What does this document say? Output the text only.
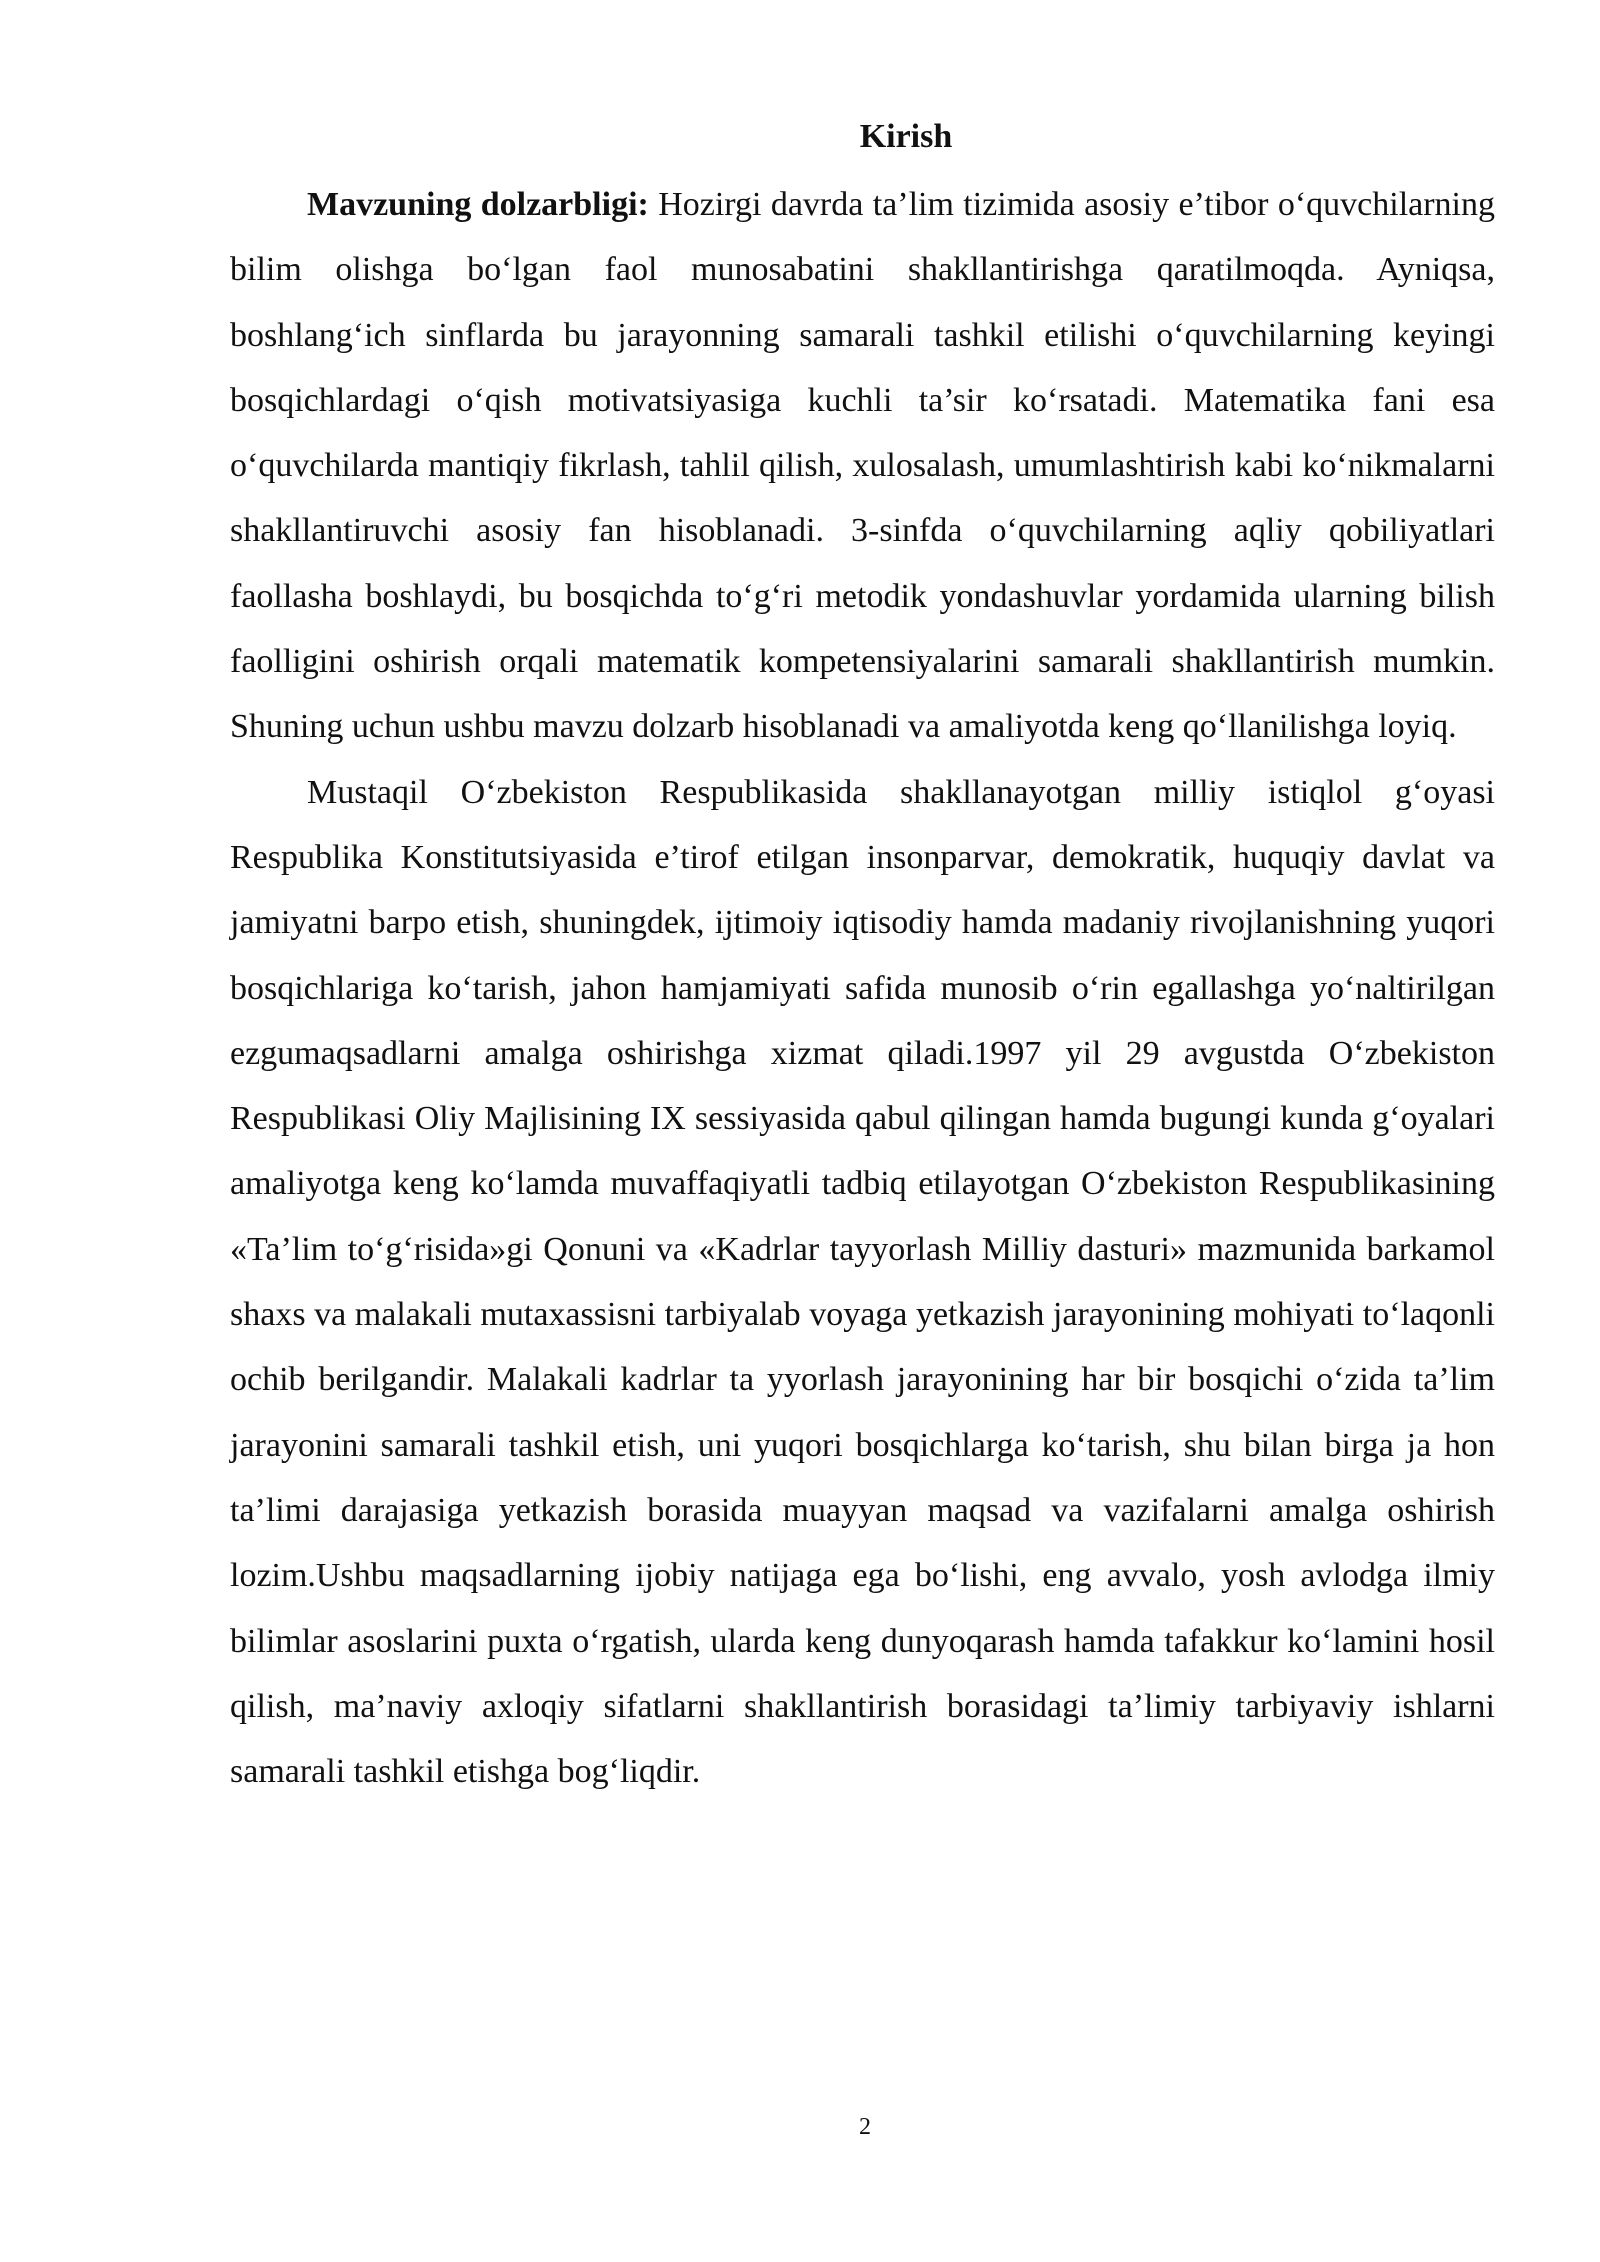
Kirish

Mavzuning dolzarbligi: Hozirgi davrda ta’lim tizimida asosiy e’tibor o‘quvchilarning bilim olishga bo‘lgan faol munosabatini shakllantirishga qaratilmoqda. Ayniqsa, boshlang‘ich sinflarda bu jarayonning samarali tashkil etilishi o‘quvchilarning keyingi bosqichlardagi o‘qish motivatsiyasiga kuchli ta’sir ko‘rsatadi. Matematika fani esa o‘quvchilarda mantiqiy fikrlash, tahlil qilish, xulosalash, umumlashtirish kabi ko‘nikmalarni shakllantiruvchi asosiy fan hisoblanadi. 3-sinfda o‘quvchilarning aqliy qobiliyatlari faollasha boshlaydi, bu bosqichda to‘g‘ri metodik yondashuvlar yordamida ularning bilish faolligini oshirish orqali matematik kompetensiyalarini samarali shakllantirish mumkin. Shuning uchun ushbu mavzu dolzarb hisoblanadi va amaliyotda keng qo‘llanilishga loyiq.

Mustaqil O‘zbekiston Respublikasida shakllanayotgan milliy istiqlol g‘oyasi Respublika Konstitutsiyasida e’tirof etilgan insonparvar, demokratik, huquqiy davlat va jamiyatni barpo etish, shuningdek, ijtimoiy iqtisodiy hamda madaniy rivojlanishning yuqori bosqichlariga ko‘tarish, jahon hamjamiyati safida munosib o‘rin egallashga yo‘naltirilgan ezgumaqsadlarni amalga oshirishga xizmat qiladi.1997 yil 29 avgustda O‘zbekiston Respublikasi Oliy Majlisining IX sessiyasida qabul qilingan hamda bugungi kunda g‘oyalari amaliyotga keng ko‘lamda muvaffaqiyatli tadbiq etilayotgan O‘zbekiston Respublikasining «Ta’lim to‘g‘risida»gi Qonuni va «Kadrlar tayyorlash Milliy dasturi» mazmunida barkamol shaxs va malakali mutaxassisni tarbiyalab voyaga yetkazish jarayonining mohiyati to‘laqonli ochib berilgandir. Malakali kadrlar ta yyorlash jarayonining har bir bosqichi o‘zida ta’lim jarayonini samarali tashkil etish, uni yuqori bosqichlarga ko‘tarish, shu bilan birga ja hon ta’limi darajasiga yetkazish borasida muayyan maqsad va vazifalarni amalga oshirish lozim.Ushbu maqsadlarning ijobiy natijaga ega bo‘lishi, eng avvalo, yosh avlodga ilmiy bilimlar asoslarini puxta o‘rgatish, ularda keng dunyoqarash hamda tafakkur ko‘lamini hosil qilish, ma’naviy axloqiy sifatlarni shakllantirish borasidagi ta’limiy tarbiyaviy ishlarni samarali tashkil etishga bog‘liqdir.

2
